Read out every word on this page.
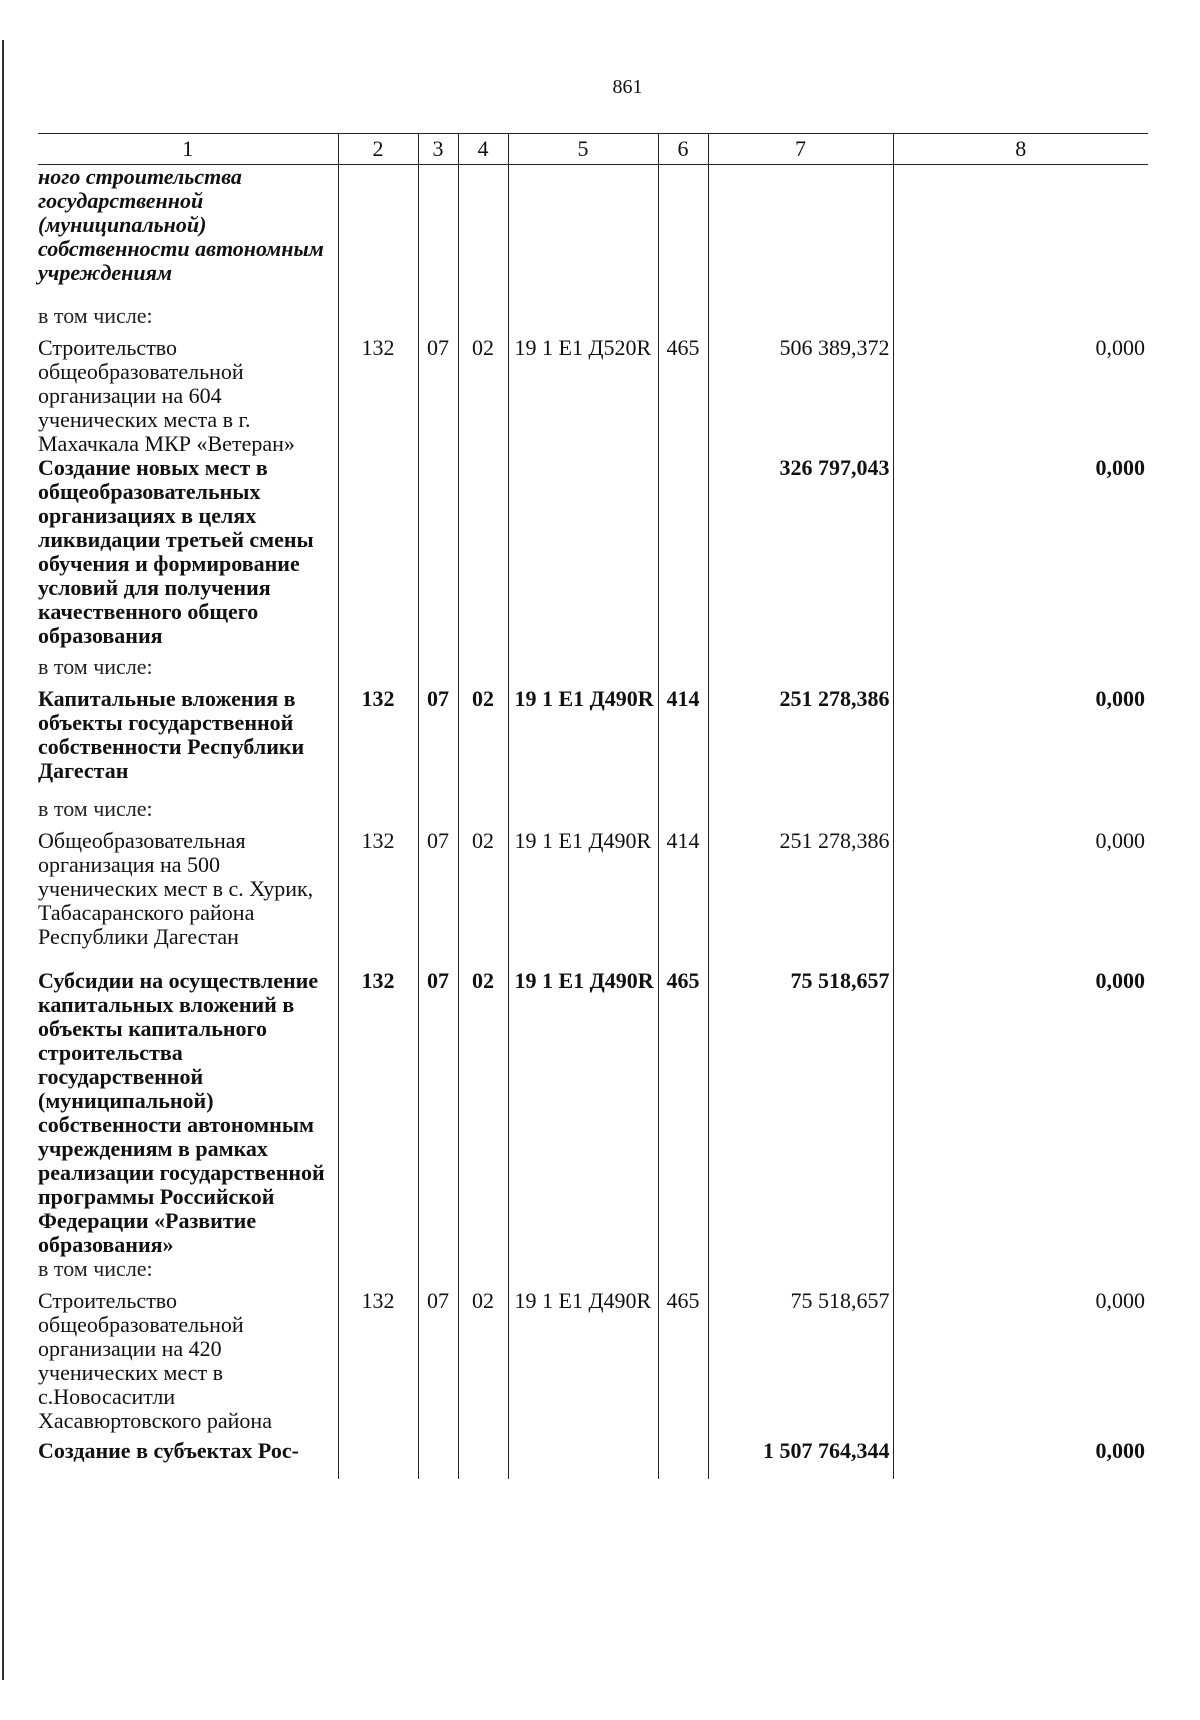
861
1	2	3	4	5	6	7	8
ного строительства государственной (муниципальной) собственности автономным учреждениям							
в том числе:							
Строительство общеобразовательной организации на 604 ученических места в г. Махачкала МКР «Ветеран»	132	07	02	19 1 E1 Д520R	465	506 389,372	0,000
Создание новых мест в общеобразовательных организациях в целях ликвидации третьей смены обучения и формирование условий для получения качественного общего образования						326 797,043	0,000
в том числе:							
Капитальные вложения в объекты государственной собственности Республики Дагестан	132	07	02	19 1 E1 Д490R	414	251 278,386	0,000
в том числе:							
Общеобразовательная организация на 500 ученических мест в с. Хурик, Табасаранского района Республики Дагестан	132	07	02	19 1 E1 Д490R	414	251 278,386	0,000
Субсидии на осуществление капитальных вложений в объекты капитального строительства государственной (муниципальной) собственности автономным учреждениям в рамках реализации государственной программы Российской Федерации «Развитие образования»	132	07	02	19 1 E1 Д490R	465	75 518,657	0,000
в том числе:							
Строительство общеобразовательной организации на 420 ученических мест в с.Новосаситли Хасавюртовского района	132	07	02	19 1 E1 Д490R	465	75 518,657	0,000
Создание в субъектах Рос-						1 507 764,344	0,000
